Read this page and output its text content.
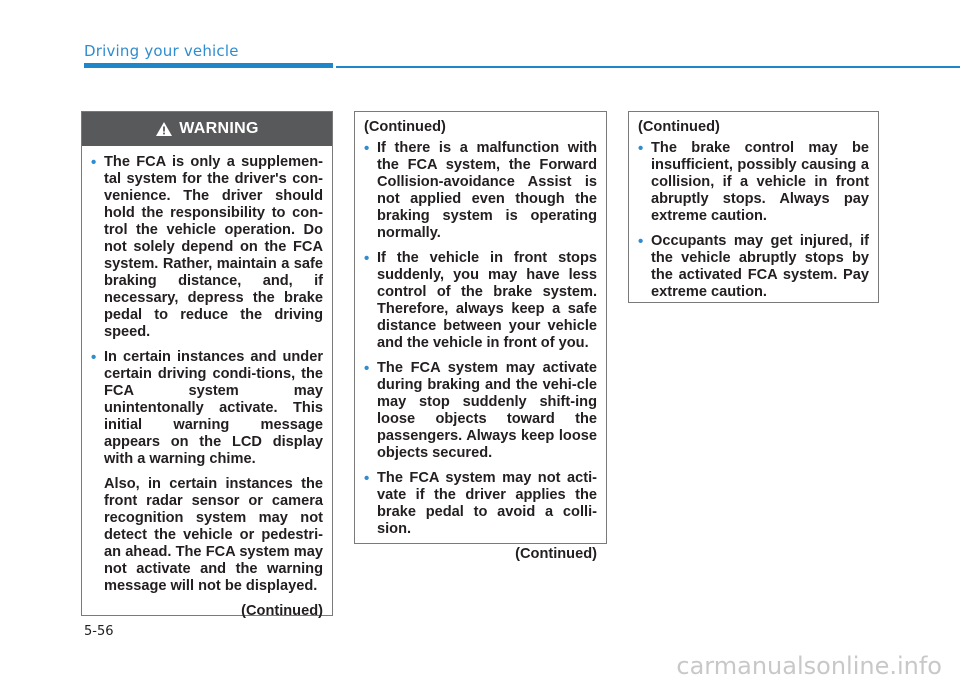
Driving your vehicle
WARNING
• The FCA is only a supplemen-tal system for the driver's con-venience. The driver should hold the responsibility to con-trol the vehicle operation. Do not solely depend on the FCA system. Rather, maintain a safe braking distance, and, if necessary, depress the brake pedal to reduce the driving speed.
• In certain instances and under certain driving condi-tions, the FCA system may unintentonally activate. This initial warning message appears on the LCD display with a warning chime.
Also, in certain instances the front radar sensor or camera recognition system may not detect the vehicle or pedestri-an ahead. The FCA system may not activate and the warning message will not be displayed.
(Continued)
(Continued)
• If there is a malfunction with the FCA system, the Forward Collision-avoidance Assist is not applied even though the braking system is operating normally.
• If the vehicle in front stops suddenly, you may have less control of the brake system. Therefore, always keep a safe distance between your vehicle and the vehicle in front of you.
• The FCA system may activate during braking and the vehi-cle may stop suddenly shift-ing loose objects toward the passengers. Always keep loose objects secured.
• The FCA system may not acti-vate if the driver applies the brake pedal to avoid a colli-sion.
(Continued)
(Continued)
• The brake control may be insufficient, possibly causing a collision, if a vehicle in front abruptly stops. Always pay extreme caution.
• Occupants may get injured, if the vehicle abruptly stops by the activated FCA system. Pay extreme caution.
5-56
carmanualsonline.info
